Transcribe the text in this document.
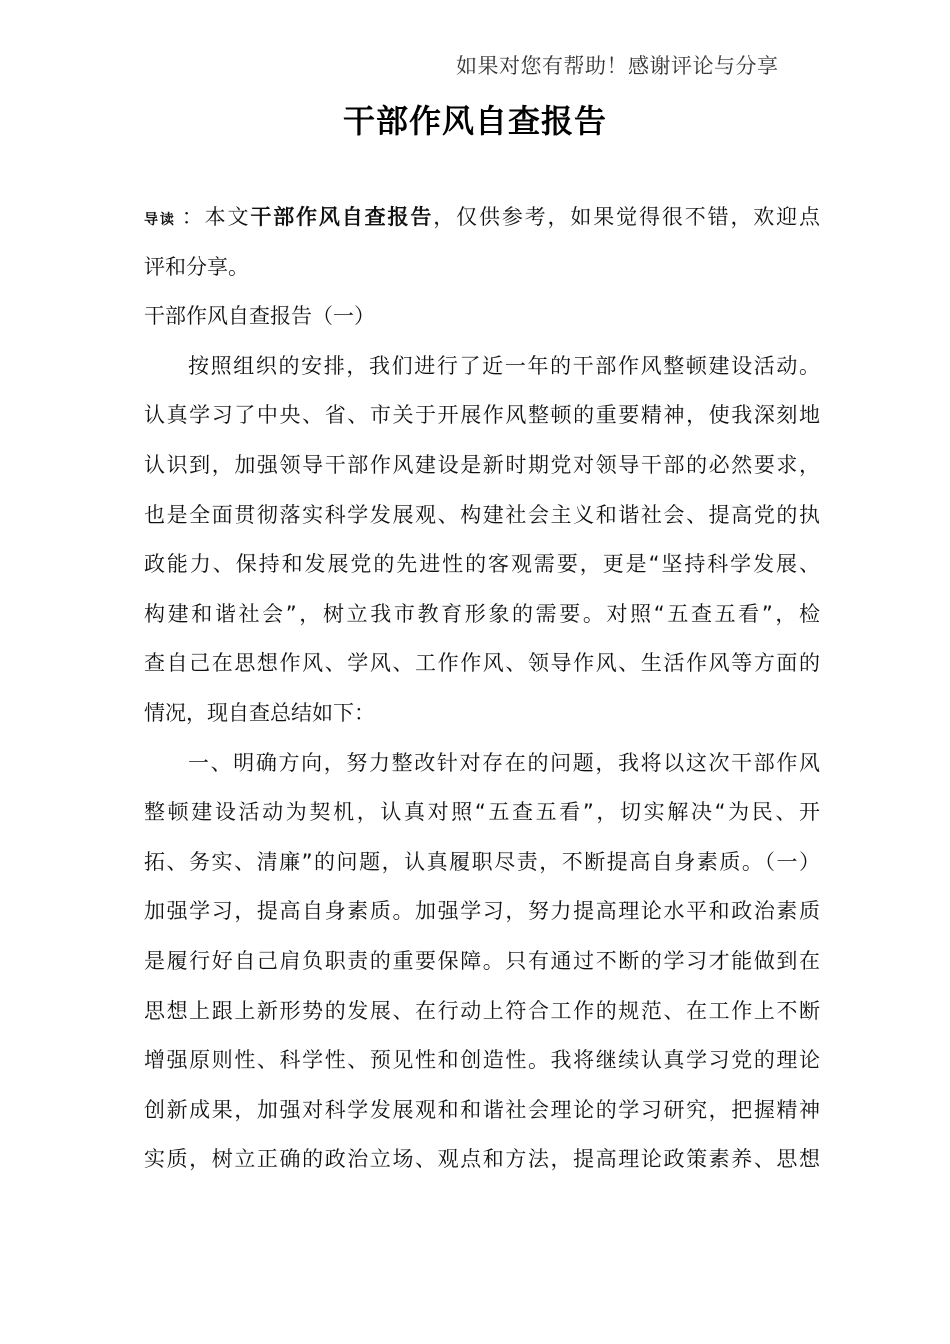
如果对您有帮助！感谢评论与分享
干部作风自查报告
导读 ：本文干部作风自查报告，仅供参考，如果觉得很不错，欢迎点
评和分享。
干部作风自查报告（一）
按照组织的安排，我们进行了近一年的干部作风整顿建设活动。
认真学习了中央、省、市关于开展作风整顿的重要精神，使我深刻地
认识到，加强领导干部作风建设是新时期党对领导干部的必然要求，
也是全面贯彻落实科学发展观、构建社会主义和谐社会、提高党的执
政能力、保持和发展党的先进性的客观需要，更是“坚持科学发展、
构建和谐社会”，树立我市教育形象的需要。对照“五查五看”，检
查自己在思想作风、学风、工作作风、领导作风、生活作风等方面的
情况，现自查总结如下：
一、明确方向，努力整改针对存在的问题，我将以这次干部作风
整顿建设活动为契机，认真对照“五查五看”，切实解决“为民、开
拓、务实、清廉”的问题，认真履职尽责，不断提高自身素质。（一）
加强学习，提高自身素质。加强学习，努力提高理论水平和政治素质
是履行好自己肩负职责的重要保障。只有通过不断的学习才能做到在
思想上跟上新形势的发展、在行动上符合工作的规范、在工作上不断
增强原则性、科学性、预见性和创造性。我将继续认真学习党的理论
创新成果，加强对科学发展观和和谐社会理论的学习研究，把握精神
实质，树立正确的政治立场、观点和方法，提高理论政策素养、思想
